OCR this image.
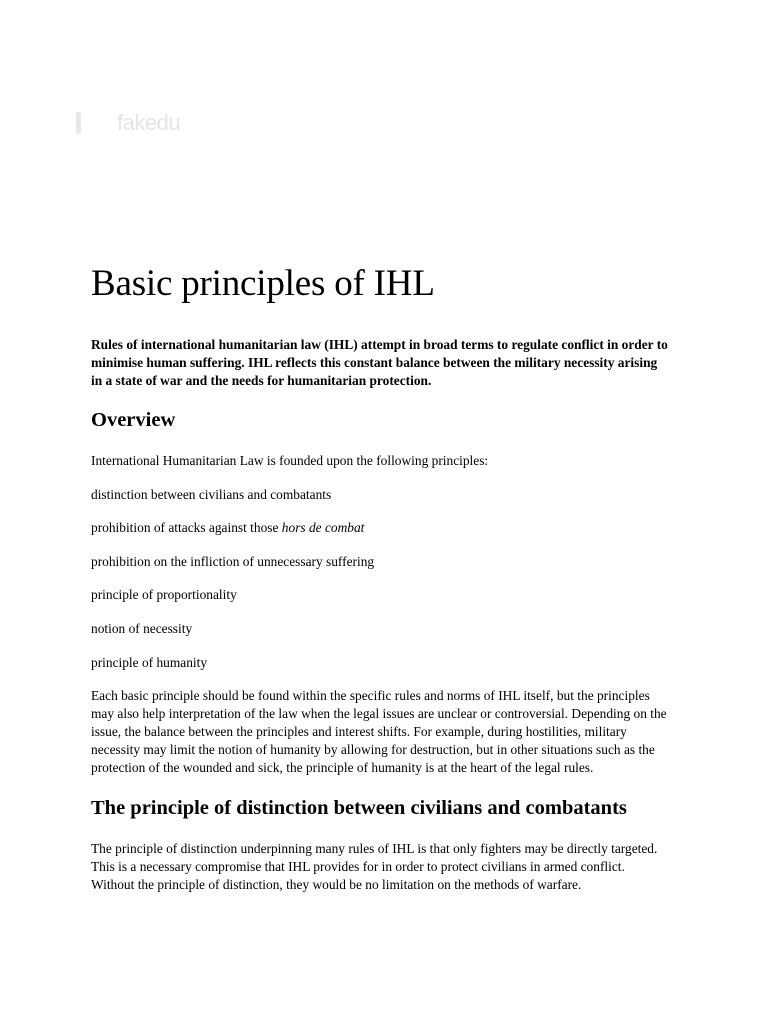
fakedu
Basic principles of IHL

Rules of international humanitarian law (IHL) attempt in broad terms to regulate conflict in order to minimise human suffering. IHL reflects this constant balance between the military necessity arising in a state of war and the needs for humanitarian protection.

Overview

International Humanitarian Law is founded upon the following principles:

distinction between civilians and combatants

prohibition of attacks against those hors de combat

prohibition on the infliction of unnecessary suffering

principle of proportionality

notion of necessity

principle of humanity

Each basic principle should be found within the specific rules and norms of IHL itself, but the principles may also help interpretation of the law when the legal issues are unclear or controversial. Depending on the issue, the balance between the principles and interest shifts. For example, during hostilities, military necessity may limit the notion of humanity by allowing for destruction, but in other situations such as the protection of the wounded and sick, the principle of humanity is at the heart of the legal rules.

The principle of distinction between civilians and combatants

The principle of distinction underpinning many rules of IHL is that only fighters may be directly targeted. This is a necessary compromise that IHL provides for in order to protect civilians in armed conflict. Without the principle of distinction, they would be no limitation on the methods of warfare.
